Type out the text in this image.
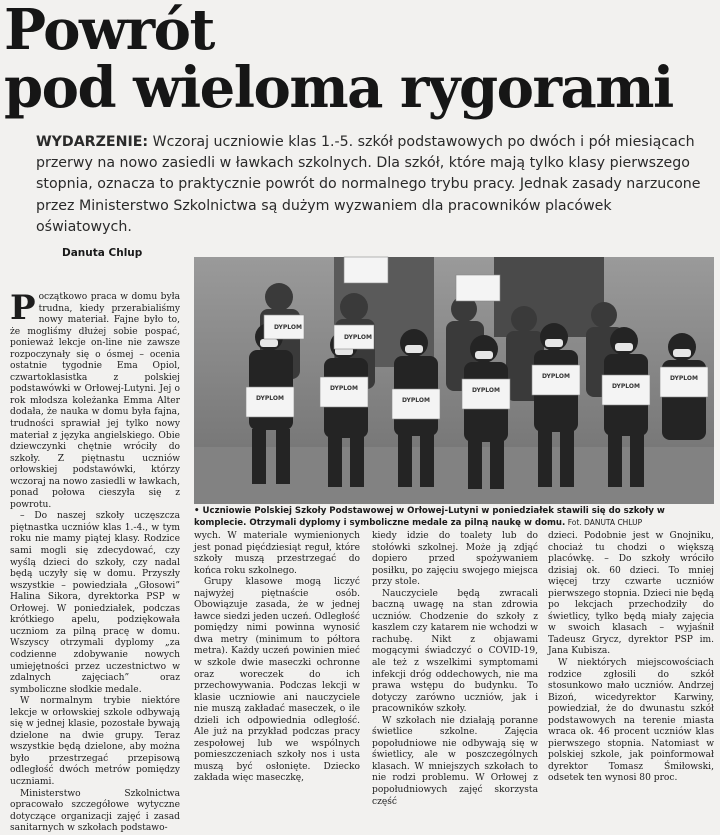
Powrót
pod wieloma rygorami
WYDARZENIE: Wczoraj uczniowie klas 1.-5. szkół podstawowych po dwóch i pół miesiącach przerwy na nowo zasiedli w ławkach szkolnych. Dla szkół, które mają tylko klasy pierwszego stopnia, oznacza to praktycznie powrót do normalnego trybu pracy. Jednak zasady narzucone przez Ministerstwo Szkolnictwa są dużym wyzwaniem dla pracowników placówek oświatowych.
Danuta Chlup

Początkowo praca w domu była trudna, kiedy przerabialiśmy nowy materiał. Fajne było to, że mogliśmy dłużej sobie pospać, ponieważ lekcje on-line nie zawsze rozpoczynały się o ósmej – ocenia ostatnie tygodnie Ema Opiol, czwartoklasistka z polskiej podstawówki w Orłowej-Lutyni. Jej o rok młodsza koleżanka Emma Alter dodała, że nauka w domu była fajna, trudności sprawiał jej tylko nowy materiał z języka angielskiego. Obie dziewczynki chętnie wróciły do szkoły. Z piętnastu uczniów orłowskiej podstawówki, którzy wczoraj na nowo zasiedli w ławkach, ponad połowa cieszyła się z powrotu.

– Do naszej szkoły uczęszcza piętnastka uczniów klas 1.-4., w tym roku nie mamy piątej klasy. Rodzice sami mogli się zdecydować, czy wyślą dzieci do szkoły, czy nadal będą uczyły się w domu. Przyszły wszystkie – powiedziała „Głosowi” Halina Sikora, dyrektorka PSP w Orłowej. W poniedziałek, podczas krótkiego apelu, podziękowała uczniom za pilną pracę w domu. Wszyscy otrzymali dyplomy „za codzienne zdobywanie nowych umiejętności przez uczestnictwo w zdalnych zajęciach” oraz symboliczne słodkie medale.

W normalnym trybie niektóre lekcje w orłowskiej szkole odbywają się w jednej klasie, pozostałe bywają dzielone na dwie grupy. Teraz wszystkie będą dzielone, aby można było przestrzegać przepisową odległość dwóch metrów pomiędzy uczniami.

Ministerstwo Szkolnictwa opracowało szczegółowe wytyczne dotyczące organizacji zajęć i zasad sanitarnych w szkołach podstawo-

DYPLOM
DYPLOM
DYPLOM
DYPLOM
DYPLOM
DYPLOM
DYPLOM
DYPLOM
DYPLOM
• Uczniowie Polskiej Szkoły Podstawowej w Orłowej-Lutyni w poniedziałek stawili się do szkoły w komplecie. Otrzymali dyplomy i symboliczne medale za pilną naukę w domu. Fot. DANUTA CHLUP

wych. W materiale wymienionych jest ponad pięćdziesiąt reguł, które szkoły muszą przestrzegać do końca roku szkolnego.

Grupy klasowe mogą liczyć najwyżej piętnaście osób. Obowiązuje zasada, że w jednej ławce siedzi jeden uczeń. Odległość pomiędzy nimi powinna wynosić dwa metry (minimum to półtora metra). Każdy uczeń powinien mieć w szkole dwie maseczki ochronne oraz woreczek do ich przechowywania. Podczas lekcji w klasie uczniowie ani nauczyciele nie muszą zakładać maseczek, o ile dzieli ich odpowiednia odległość. Ale już na przykład podczas pracy zespołowej lub we wspólnych pomieszczeniach szkoły nos i usta muszą być osłonięte. Dziecko zakłada więc maseczkę,

kiedy idzie do toalety lub do stołówki szkolnej. Może ją zdjąć dopiero przed spożywaniem posiłku, po zajęciu swojego miejsca przy stole.

Nauczyciele będą zwracali baczną uwagę na stan zdrowia uczniów. Chodzenie do szkoły z kaszlem czy katarem nie wchodzi w rachubę. Nikt z objawami mogącymi świadczyć o COVID-19, ale też z wszelkimi symptomami infekcji dróg oddechowych, nie ma prawa wstępu do budynku. To dotyczy zarówno uczniów, jak i pracowników szkoły.

W szkołach nie działają poranne świetlice szkolne. Zajęcia popołudniowe nie odbywają się w świetlicy, ale w poszczególnych klasach. W mniejszych szkołach to nie rodzi problemu. W Orłowej z popołudniowych zajęć skorzysta część

dzieci. Podobnie jest w Gnojniku, chociaż tu chodzi o większą placówkę. – Do szkoły wróciło dzisiaj ok. 60 dzieci. To mniej więcej trzy czwarte uczniów pierwszego stopnia. Dzieci nie będą po lekcjach przechodziły do świetlicy, tylko będą miały zajęcia w swoich klasach – wyjaśnił Tadeusz Grycz, dyrektor PSP im. Jana Kubisza.

W niektórych miejscowościach rodzice zgłosili do szkół stosunkowo mało uczniów. Andrzej Bizoń, wicedyrektor Karwiny, powiedział, że do dwunastu szkół podstawowych na terenie miasta wraca ok. 46 procent uczniów klas pierwszego stopnia. Natomiast w polskiej szkole, jak poinformował dyrektor Tomasz Śmiłowski, odsetek ten wynosi 80 proc.
